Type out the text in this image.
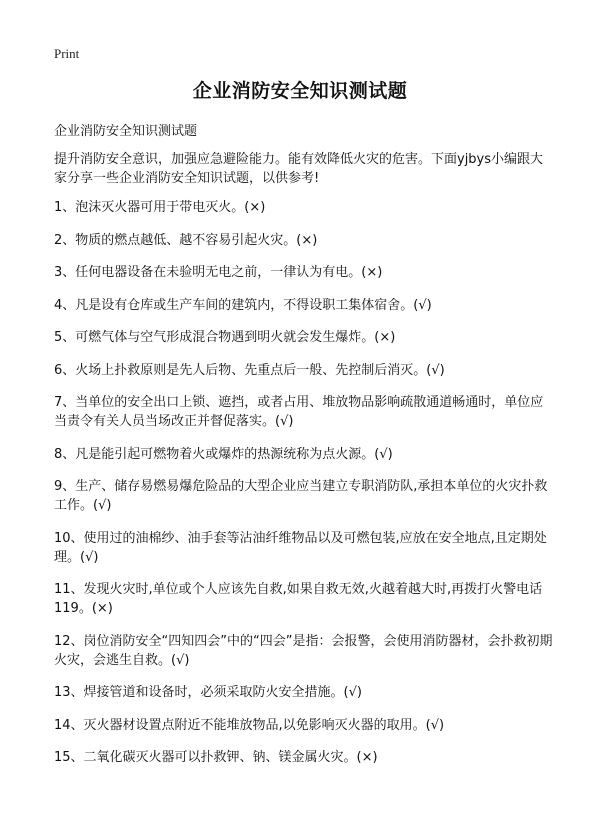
Print
企业消防安全知识测试题
企业消防安全知识测试题
提升消防安全意识，加强应急避险能力。能有效降低火灾的危害。下面yjbys小编跟大家分享一些企业消防安全知识试题，以供参考!
1、泡沫灭火器可用于带电灭火。(×)
2、物质的燃点越低、越不容易引起火灾。(×)
3、任何电器设备在未验明无电之前，一律认为有电。(×)
4、凡是设有仓库或生产车间的建筑内，不得设职工集体宿舍。(√)
5、可燃气体与空气形成混合物遇到明火就会发生爆炸。(×)
6、火场上扑救原则是先人后物、先重点后一般、先控制后消灭。(√)
7、当单位的安全出口上锁、遮挡，或者占用、堆放物品影响疏散通道畅通时，单位应当责令有关人员当场改正并督促落实。(√)
8、凡是能引起可燃物着火或爆炸的热源统称为点火源。(√)
9、生产、储存易燃易爆危险品的大型企业应当建立专职消防队,承担本单位的火灾扑救工作。(√)
10、使用过的油棉纱、油手套等沾油纤维物品以及可燃包装,应放在安全地点,且定期处理。(√)
11、发现火灾时,单位或个人应该先自救,如果自救无效,火越着越大时,再拨打火警电话119。(×)
12、岗位消防安全“四知四会”中的“四会”是指：会报警，会使用消防器材，会扑救初期火灾，会逃生自救。(√)
13、焊接管道和设备时，必须采取防火安全措施。(√)
14、灭火器材设置点附近不能堆放物品,以免影响灭火器的取用。(√)
15、二氧化碳灭火器可以扑救钾、钠、镁金属火灾。(×)
